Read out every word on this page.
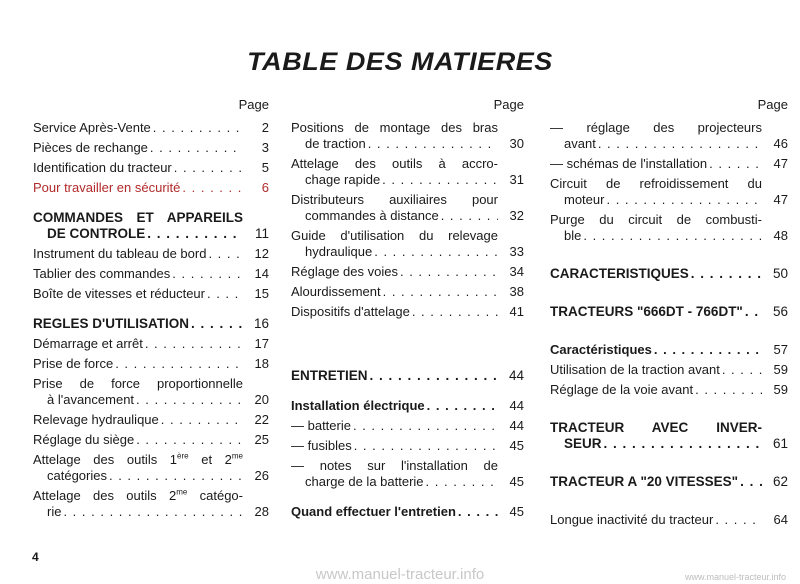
TABLE DES MATIERES
Page
Service Après-Vente . . .	2
Pièces de rechange . . .	3
Identification du tracteur . . .	5
Pour travailler en sécurité . . .	6
COMMANDES ET APPAREILS
DE CONTROLE . . .	11
Instrument du tableau de bord . . .	12
Tablier des commandes . . .	14
Boîte de vitesses et réducteur . . .	15
REGLES D'UTILISATION . . .	16
Démarrage et arrêt . . .	17
Prise de force . . .	18
Prise de force proportionnelle
à l'avancement . . .	20
Relevage hydraulique . . .	22
Réglage du siège . . .	25
Attelage des outils 1ère et $2^{me}$
catégories . . .	26
Attelage des outils $2^{me}$ catégo-
rie . . .	28
Page
Positions de montage des bras
de traction . . .	30
Attelage des outils à accro-
chage rapide . . .	31
Distributeurs auxiliaires pour
commandes à distance . . .	32
Guide d'utilisation du relevage
hydraulique . . .	33
Réglage des voies . . .	34
Alourdissement . . .	38
Dispositifs d'attelage . . .	41
ENTRETIEN . . .	44
Installation électrique . . .	44
— batterie . . .	44
— fusibles . . .	45
— notes sur l'installation de
charge de la batterie . . .	45
Quand effectuer l'entretien . . .	45
Page
— réglage des projecteurs
avant . . .	46
— schémas de l'installation . . .	47
Circuit de refroidissement du
moteur . . .	47
Purge du circuit de combusti-
ble . . .	48
CARACTERISTIQUES . . .	50
TRACTEURS "666DT - 766DT" . . .	56
Caractéristiques . . .	57
Utilisation de la traction avant . . .	59
Réglage de la voie avant . . .	59
TRACTEUR AVEC INVER-
SEUR . . .	61
TRACTEUR A "20 VITESSES" . . .	62
Longue inactivité du tracteur . . .	64
4
www.manuel-tracteur.info	www.manuel-tracteur.info
